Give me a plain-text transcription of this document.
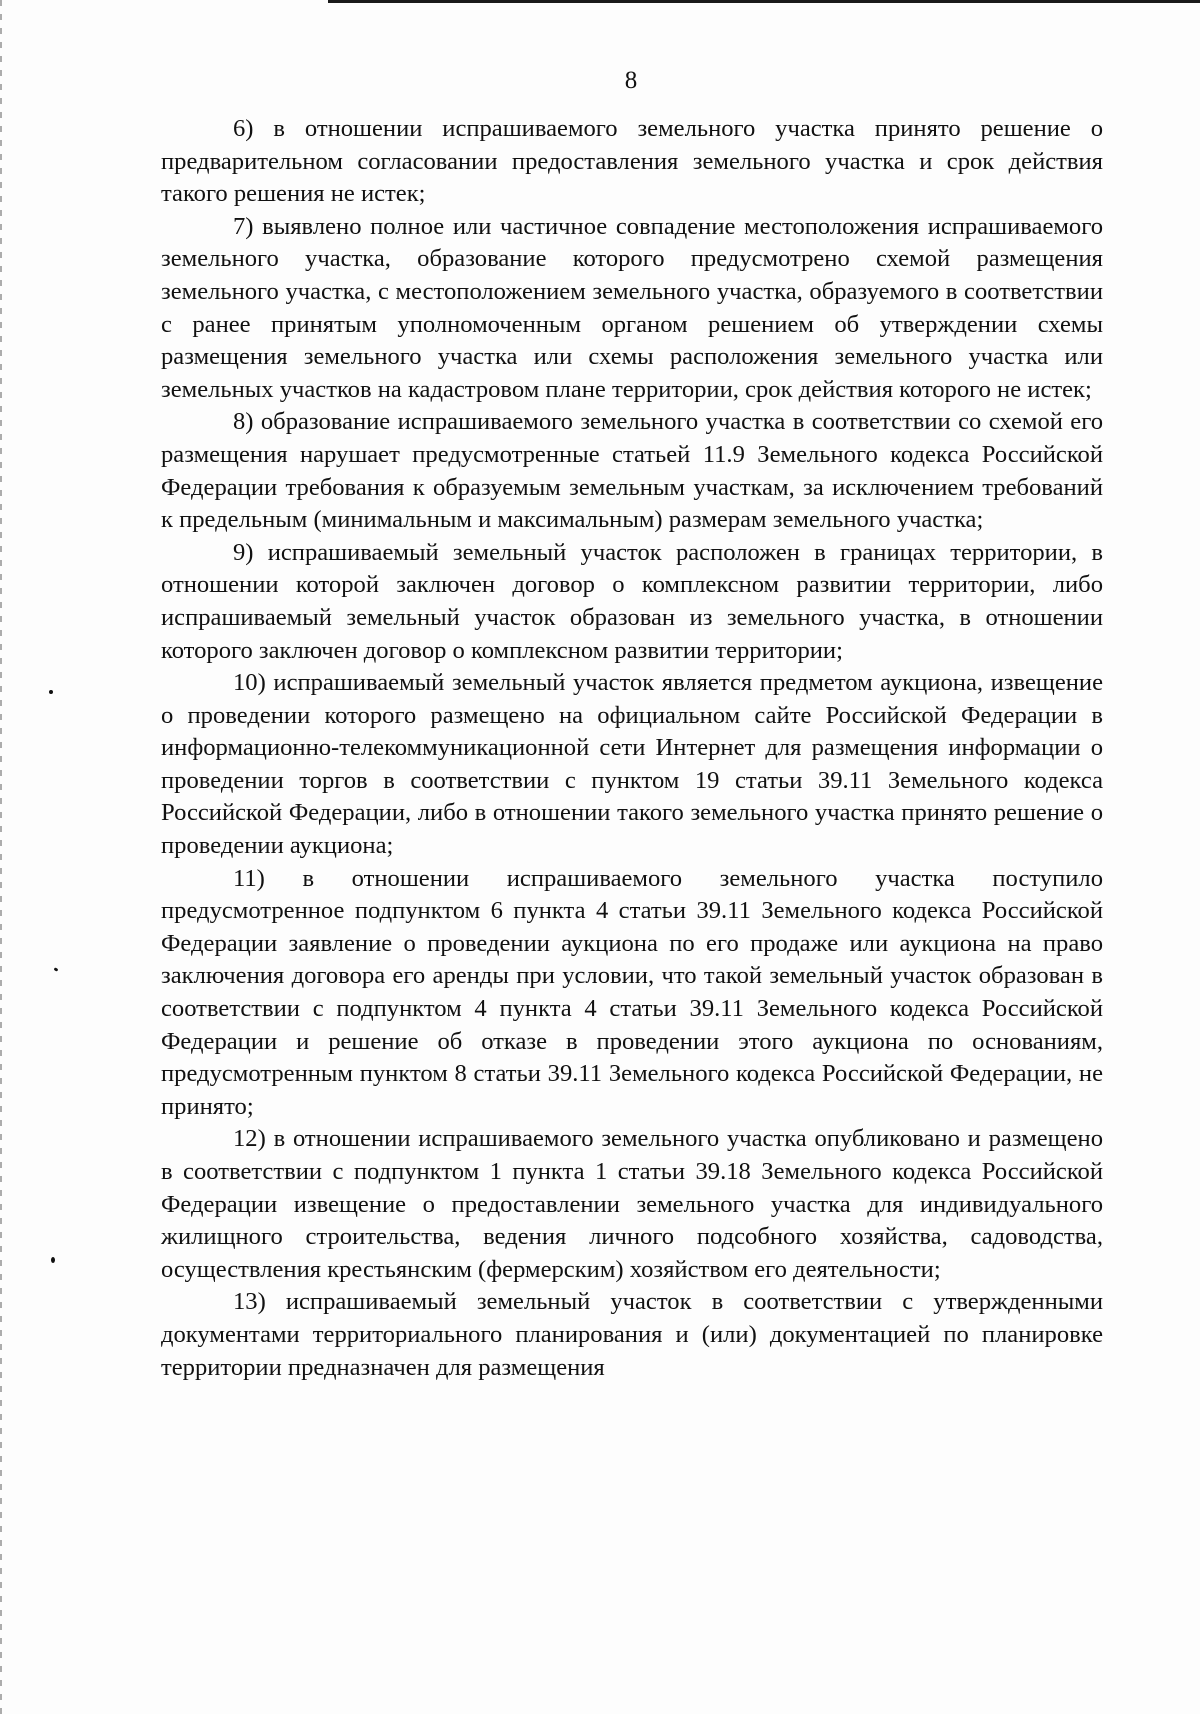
8

6) в отношении испрашиваемого земельного участка принято решение о предварительном согласовании предоставления земельного участка и срок действия такого решения не истек;

7) выявлено полное или частичное совпадение местоположения испрашиваемого земельного участка, образование которого предусмотрено схемой размещения земельного участка, с местоположением земельного участка, образуемого в соответствии с ранее принятым уполномоченным органом решением об утверждении схемы размещения земельного участка или схемы расположения земельного участка или земельных участков на кадастровом плане территории, срок действия которого не истек;

8) образование испрашиваемого земельного участка в соответствии со схемой его размещения нарушает предусмотренные статьей 11.9 Земельного кодекса Российской Федерации требования к образуемым земельным участкам, за исключением требований к предельным (минимальным и максимальным) размерам земельного участка;

9) испрашиваемый земельный участок расположен в границах территории, в отношении которой заключен договор о комплексном развитии территории, либо испрашиваемый земельный участок образован из земельного участка, в отношении которого заключен договор о комплексном развитии территории;

10) испрашиваемый земельный участок является предметом аукциона, извещение о проведении которого размещено на официальном сайте Российской Федерации в информационно-телекоммуникационной сети Интернет для размещения информации о проведении торгов в соответствии с пунктом 19 статьи 39.11 Земельного кодекса Российской Федерации, либо в отношении такого земельного участка принято решение о проведении аукциона;

11) в отношении испрашиваемого земельного участка поступило предусмотренное подпунктом 6 пункта 4 статьи 39.11 Земельного кодекса Российской Федерации заявление о проведении аукциона по его продаже или аукциона на право заключения договора его аренды при условии, что такой земельный участок образован в соответствии с подпунктом 4 пункта 4 статьи 39.11 Земельного кодекса Российской Федерации и решение об отказе в проведении этого аукциона по основаниям, предусмотренным пунктом 8 статьи 39.11 Земельного кодекса Российской Федерации, не принято;

12) в отношении испрашиваемого земельного участка опубликовано и размещено в соответствии с подпунктом 1 пункта 1 статьи 39.18 Земельного кодекса Российской Федерации извещение о предоставлении земельного участка для индивидуального жилищного строительства, ведения личного подсобного хозяйства, садоводства, осуществления крестьянским (фермерским) хозяйством его деятельности;

13) испрашиваемый земельный участок в соответствии с утвержденными документами территориального планирования и (или) документацией по планировке территории предназначен для размещения
